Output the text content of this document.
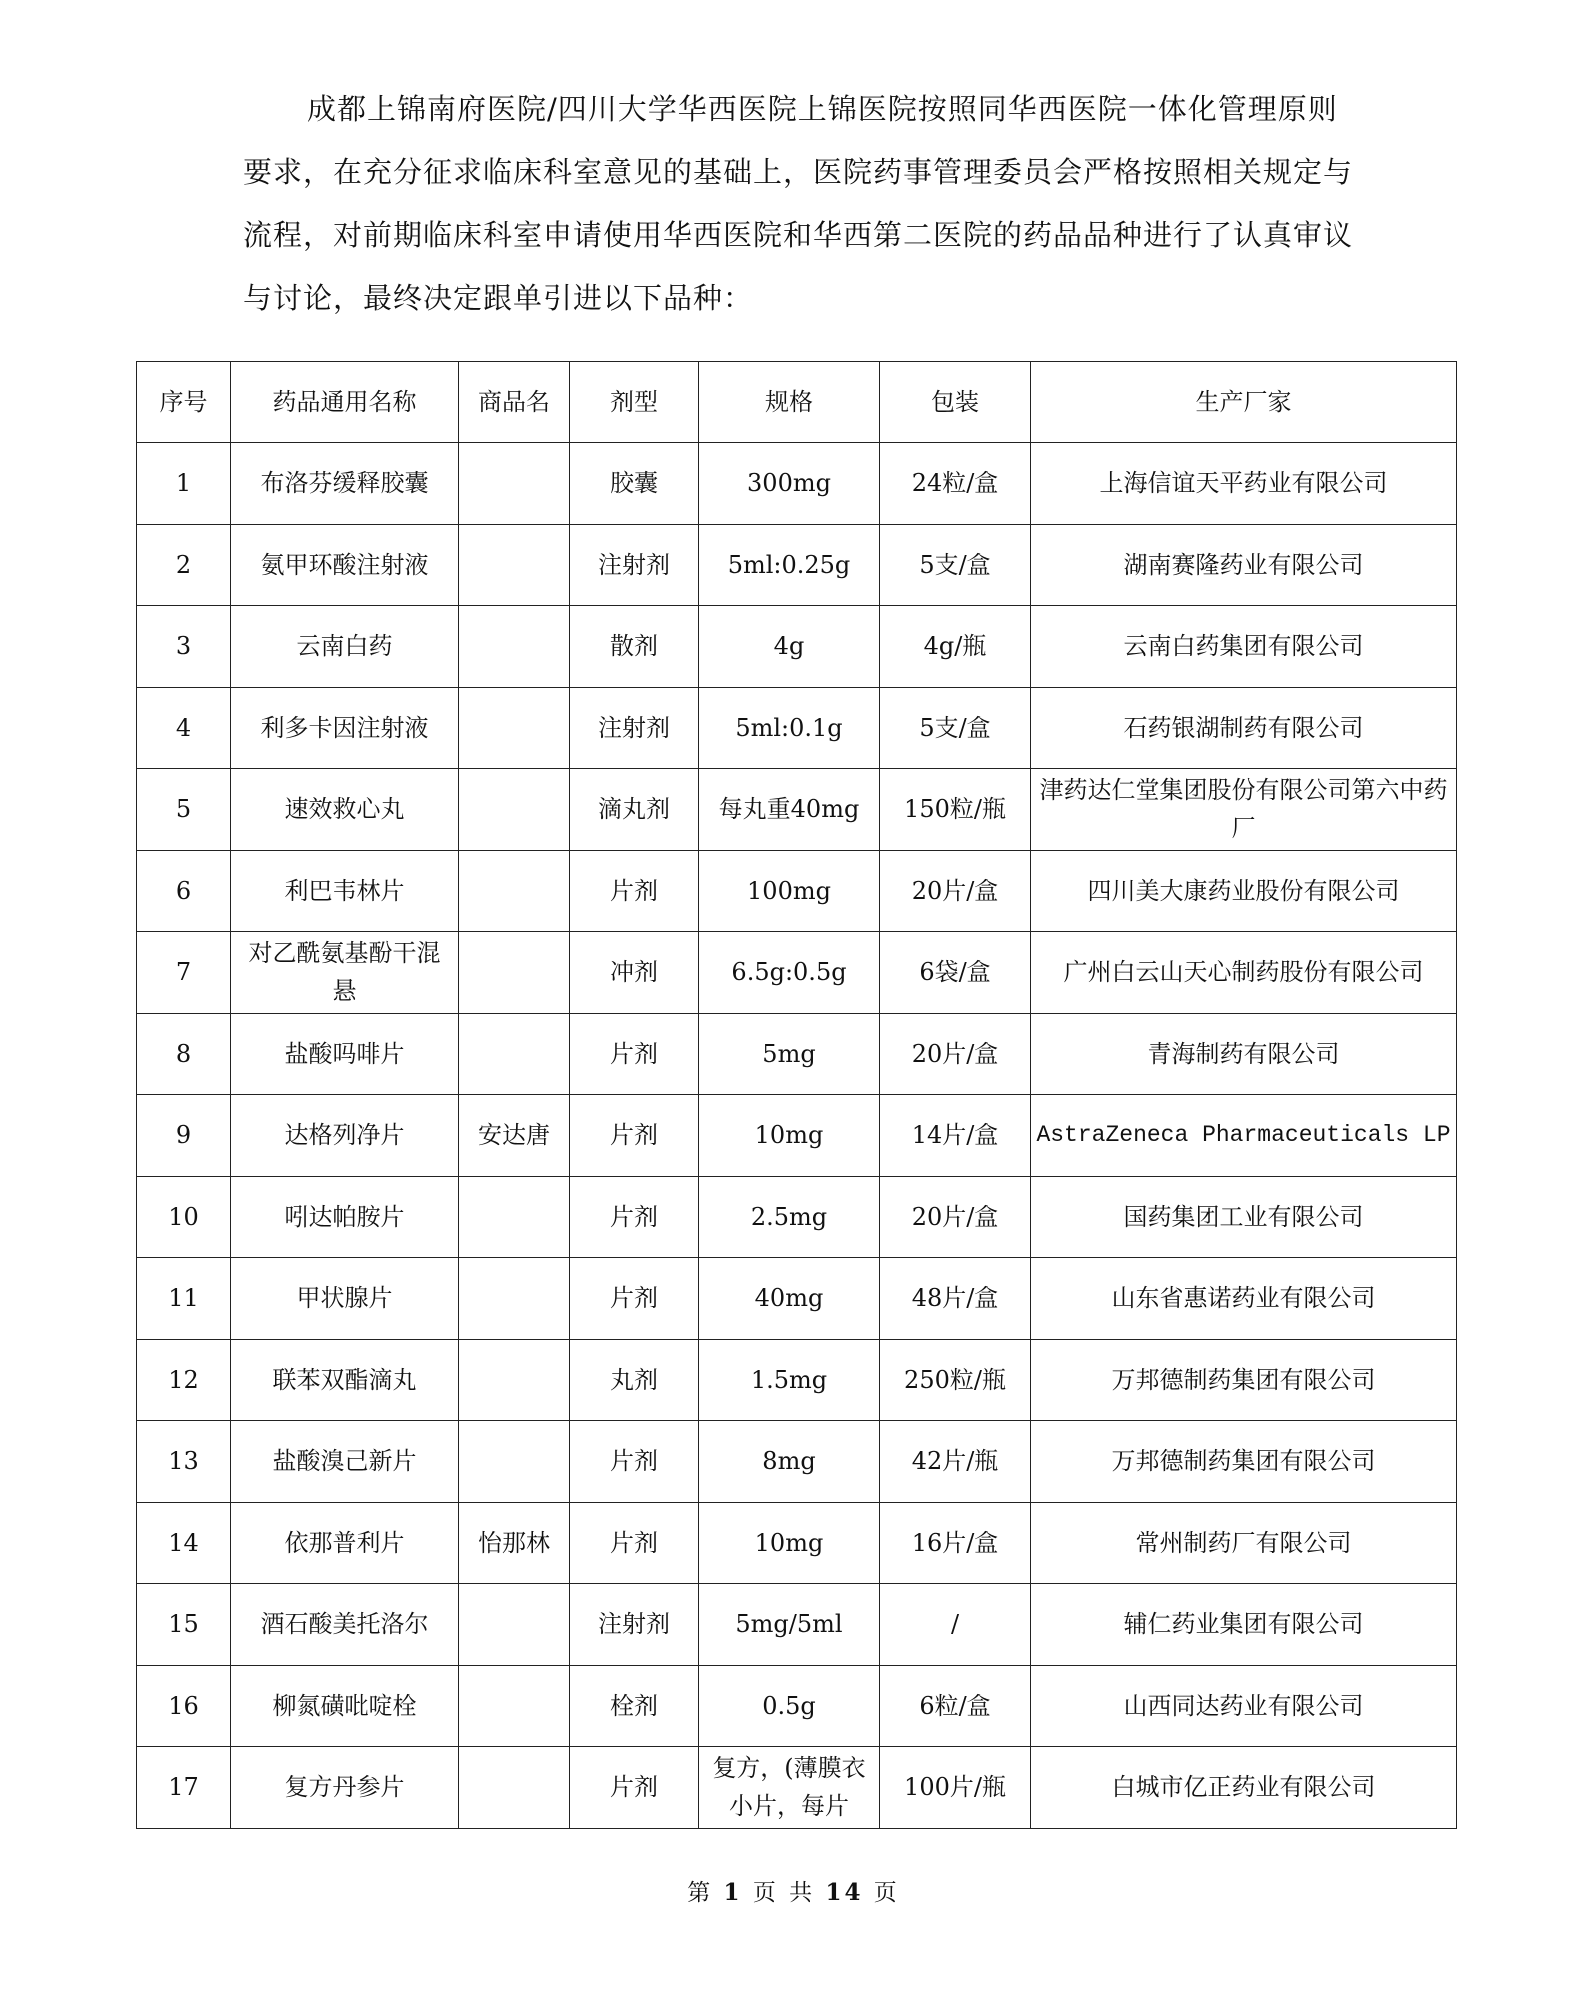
成都上锦南府医院/四川大学华西医院上锦医院按照同华西医院一体化管理原则要求，在充分征求临床科室意见的基础上，医院药事管理委员会严格按照相关规定与流程，对前期临床科室申请使用华西医院和华西第二医院的药品品种进行了认真审议与讨论，最终决定跟单引进以下品种：

序号	药品通用名称	商品名	剂型	规格	包装	生产厂家
1	布洛芬缓释胶囊		胶囊	300mg	24粒/盒	上海信谊天平药业有限公司
2	氨甲环酸注射液		注射剂	5ml:0.25g	5支/盒	湖南赛隆药业有限公司
3	云南白药		散剂	4g	4g/瓶	云南白药集团有限公司
4	利多卡因注射液		注射剂	5ml:0.1g	5支/盒	石药银湖制药有限公司
5	速效救心丸		滴丸剂	每丸重40mg	150粒/瓶	津药达仁堂集团股份有限公司第六中药厂
6	利巴韦林片		片剂	100mg	20片/盒	四川美大康药业股份有限公司
7	对乙酰氨基酚干混悬		冲剂	6.5g:0.5g	6袋/盒	广州白云山天心制药股份有限公司
8	盐酸吗啡片		片剂	5mg	20片/盒	青海制药有限公司
9	达格列净片	安达唐	片剂	10mg	14片/盒	AstraZeneca Pharmaceuticals LP
10	吲达帕胺片		片剂	2.5mg	20片/盒	国药集团工业有限公司
11	甲状腺片		片剂	40mg	48片/盒	山东省惠诺药业有限公司
12	联苯双酯滴丸		丸剂	1.5mg	250粒/瓶	万邦德制药集团有限公司
13	盐酸溴己新片		片剂	8mg	42片/瓶	万邦德制药集团有限公司
14	依那普利片	怡那林	片剂	10mg	16片/盒	常州制药厂有限公司
15	酒石酸美托洛尔		注射剂	5mg/5ml	/	辅仁药业集团有限公司
16	柳氮磺吡啶栓		栓剂	0.5g	6粒/盒	山西同达药业有限公司
17	复方丹参片		片剂	复方，(薄膜衣小片，每片	100片/瓶	白城市亿正药业有限公司
第 1 页 共 14 页
